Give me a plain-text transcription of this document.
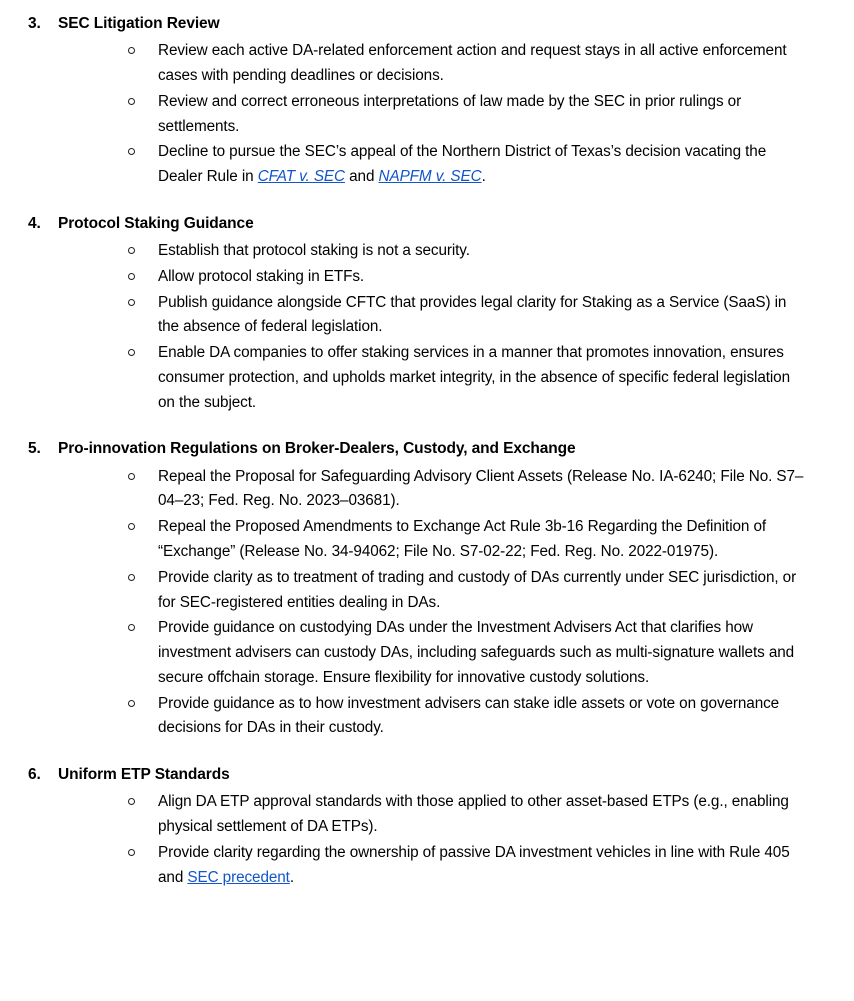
3.	SEC Litigation Review
Review each active DA-related enforcement action and request stays in all active enforcement cases with pending deadlines or decisions.
Review and correct erroneous interpretations of law made by the SEC in prior rulings or settlements.
Decline to pursue the SEC’s appeal of the Northern District of Texas’s decision vacating the Dealer Rule in CFAT v. SEC and NAPFM v. SEC.
4.	Protocol Staking Guidance
Establish that protocol staking is not a security.
Allow protocol staking in ETFs.
Publish guidance alongside CFTC that provides legal clarity for Staking as a Service (SaaS) in the absence of federal legislation.
Enable DA companies to offer staking services in a manner that promotes innovation, ensures consumer protection, and upholds market integrity, in the absence of specific federal legislation on the subject.
5.	Pro-innovation Regulations on Broker-Dealers, Custody, and Exchange
Repeal the Proposal for Safeguarding Advisory Client Assets (Release No. IA-6240; File No. S7–04–23; Fed. Reg. No. 2023–03681).
Repeal the Proposed Amendments to Exchange Act Rule 3b-16 Regarding the Definition of “Exchange” (Release No. 34-94062; File No. S7-02-22; Fed. Reg. No. 2022-01975).
Provide clarity as to treatment of trading and custody of DAs currently under SEC jurisdiction, or for SEC-registered entities dealing in DAs.
Provide guidance on custodying DAs under the Investment Advisers Act that clarifies how investment advisers can custody DAs, including safeguards such as multi-signature wallets and secure offchain storage. Ensure flexibility for innovative custody solutions.
Provide guidance as to how investment advisers can stake idle assets or vote on governance decisions for DAs in their custody.
6.	Uniform ETP Standards
Align DA ETP approval standards with those applied to other asset-based ETPs (e.g., enabling physical settlement of DA ETPs).
Provide clarity regarding the ownership of passive DA investment vehicles in line with Rule 405 and SEC precedent.
